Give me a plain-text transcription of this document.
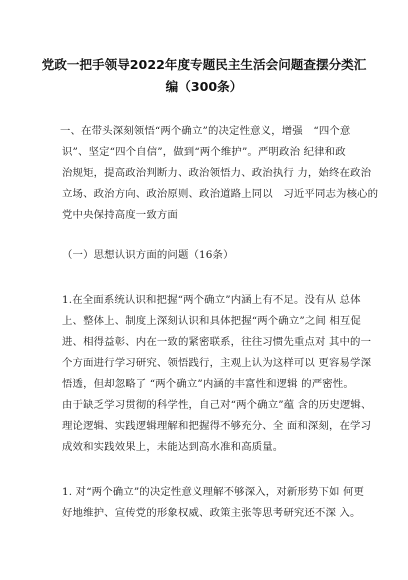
党政一把手领导2022年度专题民主生活会问题查摆分类汇
编（300条）
一、在带头深刻领悟“两个确立”的决定性意义，增强　“四个意
识”、坚定“四个自信”，做到“两个维护”。严明政治 纪律和政
治规矩，提高政治判断力、政治领悟力、政治执行 力，始终在政治
立场、政治方向、政治原则、政治道路上同以　习近平同志为核心的
党中央保持高度一致方面
（一）思想认识方面的问题（16条）
1.在全面系统认识和把握“两个确立”内涵上有不足。没有从 总体
上、整体上、制度上深刻认识和具体把握“两个确立”之间 相互促
进、相得益彰、内在一致的紧密联系，往往习惯先重点对 其中的一
个方面进行学习研究、领悟践行，主观上认为这样可以 更容易学深
悟透，但却忽略了 “两个确立”内涵的丰富性和逻辑 的严密性。
由于缺乏学习贯彻的科学性，自己对“两个确立”蕴 含的历史逻辑、
理论逻辑、实践逻辑理解和把握得不够充分、全 面和深刻，在学习
成效和实践效果上，未能达到高水准和高质量。
1. 对“两个确立”的决定性意义理解不够深入，对新形势下如 何更
好地维护、宣传党的形象权威、政策主张等思考研究还不深 入。
